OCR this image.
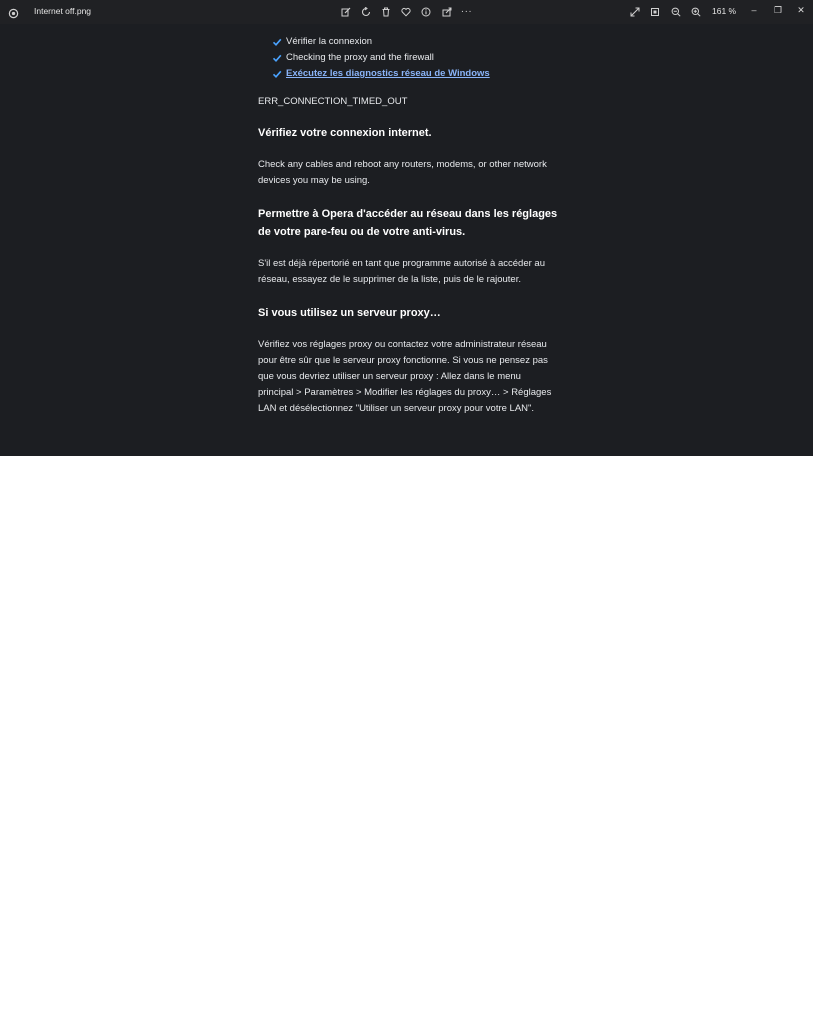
Internet off.png	···	161 %	–	❐	✕
Vérifier la connexion
Checking the proxy and the firewall
Exécutez les diagnostics réseau de Windows
ERR_CONNECTION_TIMED_OUT
Vérifiez votre connexion internet.

Check any cables and reboot any routers, modems, or other network devices you may be using.

Permettre à Opera d'accéder au réseau dans les réglages de votre pare-feu ou de votre anti-virus.

S'il est déjà répertorié en tant que programme autorisé à accéder au réseau, essayez de le supprimer de la liste, puis de le rajouter.

Si vous utilisez un serveur proxy…

Vérifiez vos réglages proxy ou contactez votre administrateur réseau pour être sûr que le serveur proxy fonctionne. Si vous ne pensez pas que vous devriez utiliser un serveur proxy : Allez dans le menu principal > Paramètres > Modifier les réglages du proxy… > Réglages LAN et désélectionnez "Utiliser un serveur proxy pour votre LAN".
